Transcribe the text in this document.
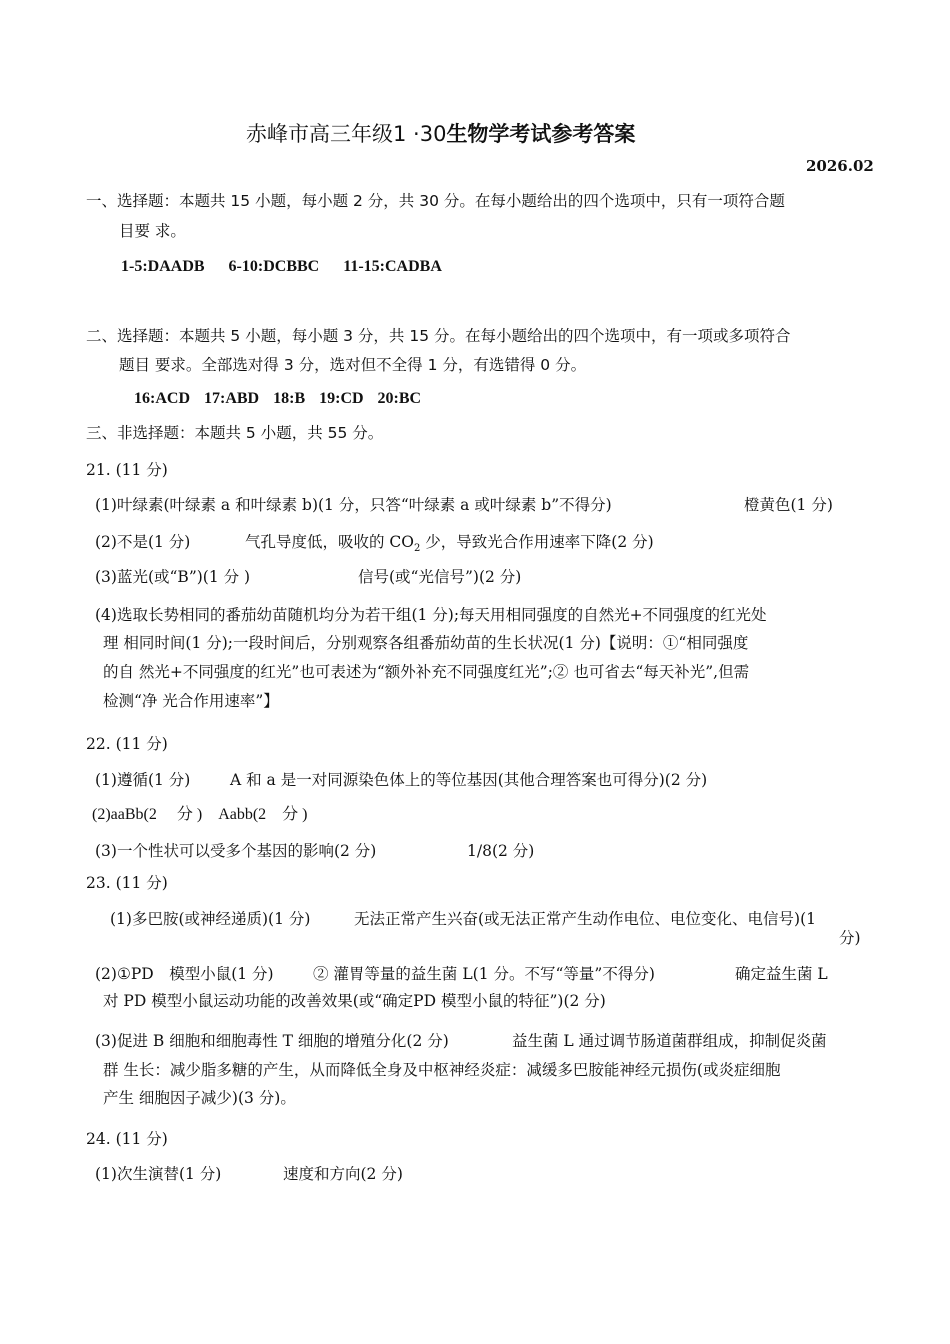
赤峰市高三年级1 ·30生物学考试参考答案
2026.02
一、选择题：本题共 15 小题，每小题 2 分，共 30 分。在每小题给出的四个选项中，只有一项符合题
目要 求。
1-5:DAADB 6-10:DCBBC 11-15:CADBA
二、选择题：本题共 5 小题，每小题 3 分，共 15 分。在每小题给出的四个选项中，有一项或多项符合
题目 要求。全部选对得 3 分，选对但不全得 1 分，有选错得 0 分。
16:ACD 17:ABD 18:B 19:CD 20:BC
三、非选择题：本题共 5 小题，共 55 分。
21. (11 分)
(1)叶绿素(叶绿素 a 和叶绿素 b)(1 分，只答“叶绿素 a 或叶绿素 b”不得分)	橙黄色(1 分)
(2)不是(1 分)	气孔导度低，吸收的 $CO_2$ 少，导致光合作用速率下降(2 分)
(3)蓝光(或“B”)(1 分 )	信号(或“光信号”)(2 分)
(4)选取长势相同的番茄幼苗随机均分为若干组(1 分);每天用相同强度的自然光+不同强度的红光处
理 相同时间(1 分);一段时间后，分别观察各组番茄幼苗的生长状况(1 分)【说明：①“相同强度
的自 然光+不同强度的红光”也可表述为“额外补充不同强度红光”;② 也可省去“每天补光”,但需
检测“净 光合作用速率”】
22. (11 分)
(1)遵循(1 分)	A 和 a 是一对同源染色体上的等位基因(其他合理答案也可得分)(2 分)
(2)aaBb(2　 分 )　Aabb(2　分 )
(3)一个性状可以受多个基因的影响(2 分)	1/8(2 分)
23. (11 分)
(1)多巴胺(或神经递质)(1 分)	无法正常产生兴奋(或无法正常产生动作电位、电位变化、电信号)(1
分)
(2)①PD　模型小鼠(1 分)	② 灌胃等量的益生菌 L(1 分。不写“等量”不得分)	确定益生菌 L
对 PD 模型小鼠运动功能的改善效果(或“确定PD 模型小鼠的特征”)(2 分)
(3)促进 B 细胞和细胞毒性 T 细胞的增殖分化(2 分)	益生菌 L 通过调节肠道菌群组成，抑制促炎菌
群 生长：减少脂多糖的产生，从而降低全身及中枢神经炎症：减缓多巴胺能神经元损伤(或炎症细胞
产生 细胞因子减少)(3 分)。
24. (11 分)
(1)次生演替(1 分)	速度和方向(2 分)
